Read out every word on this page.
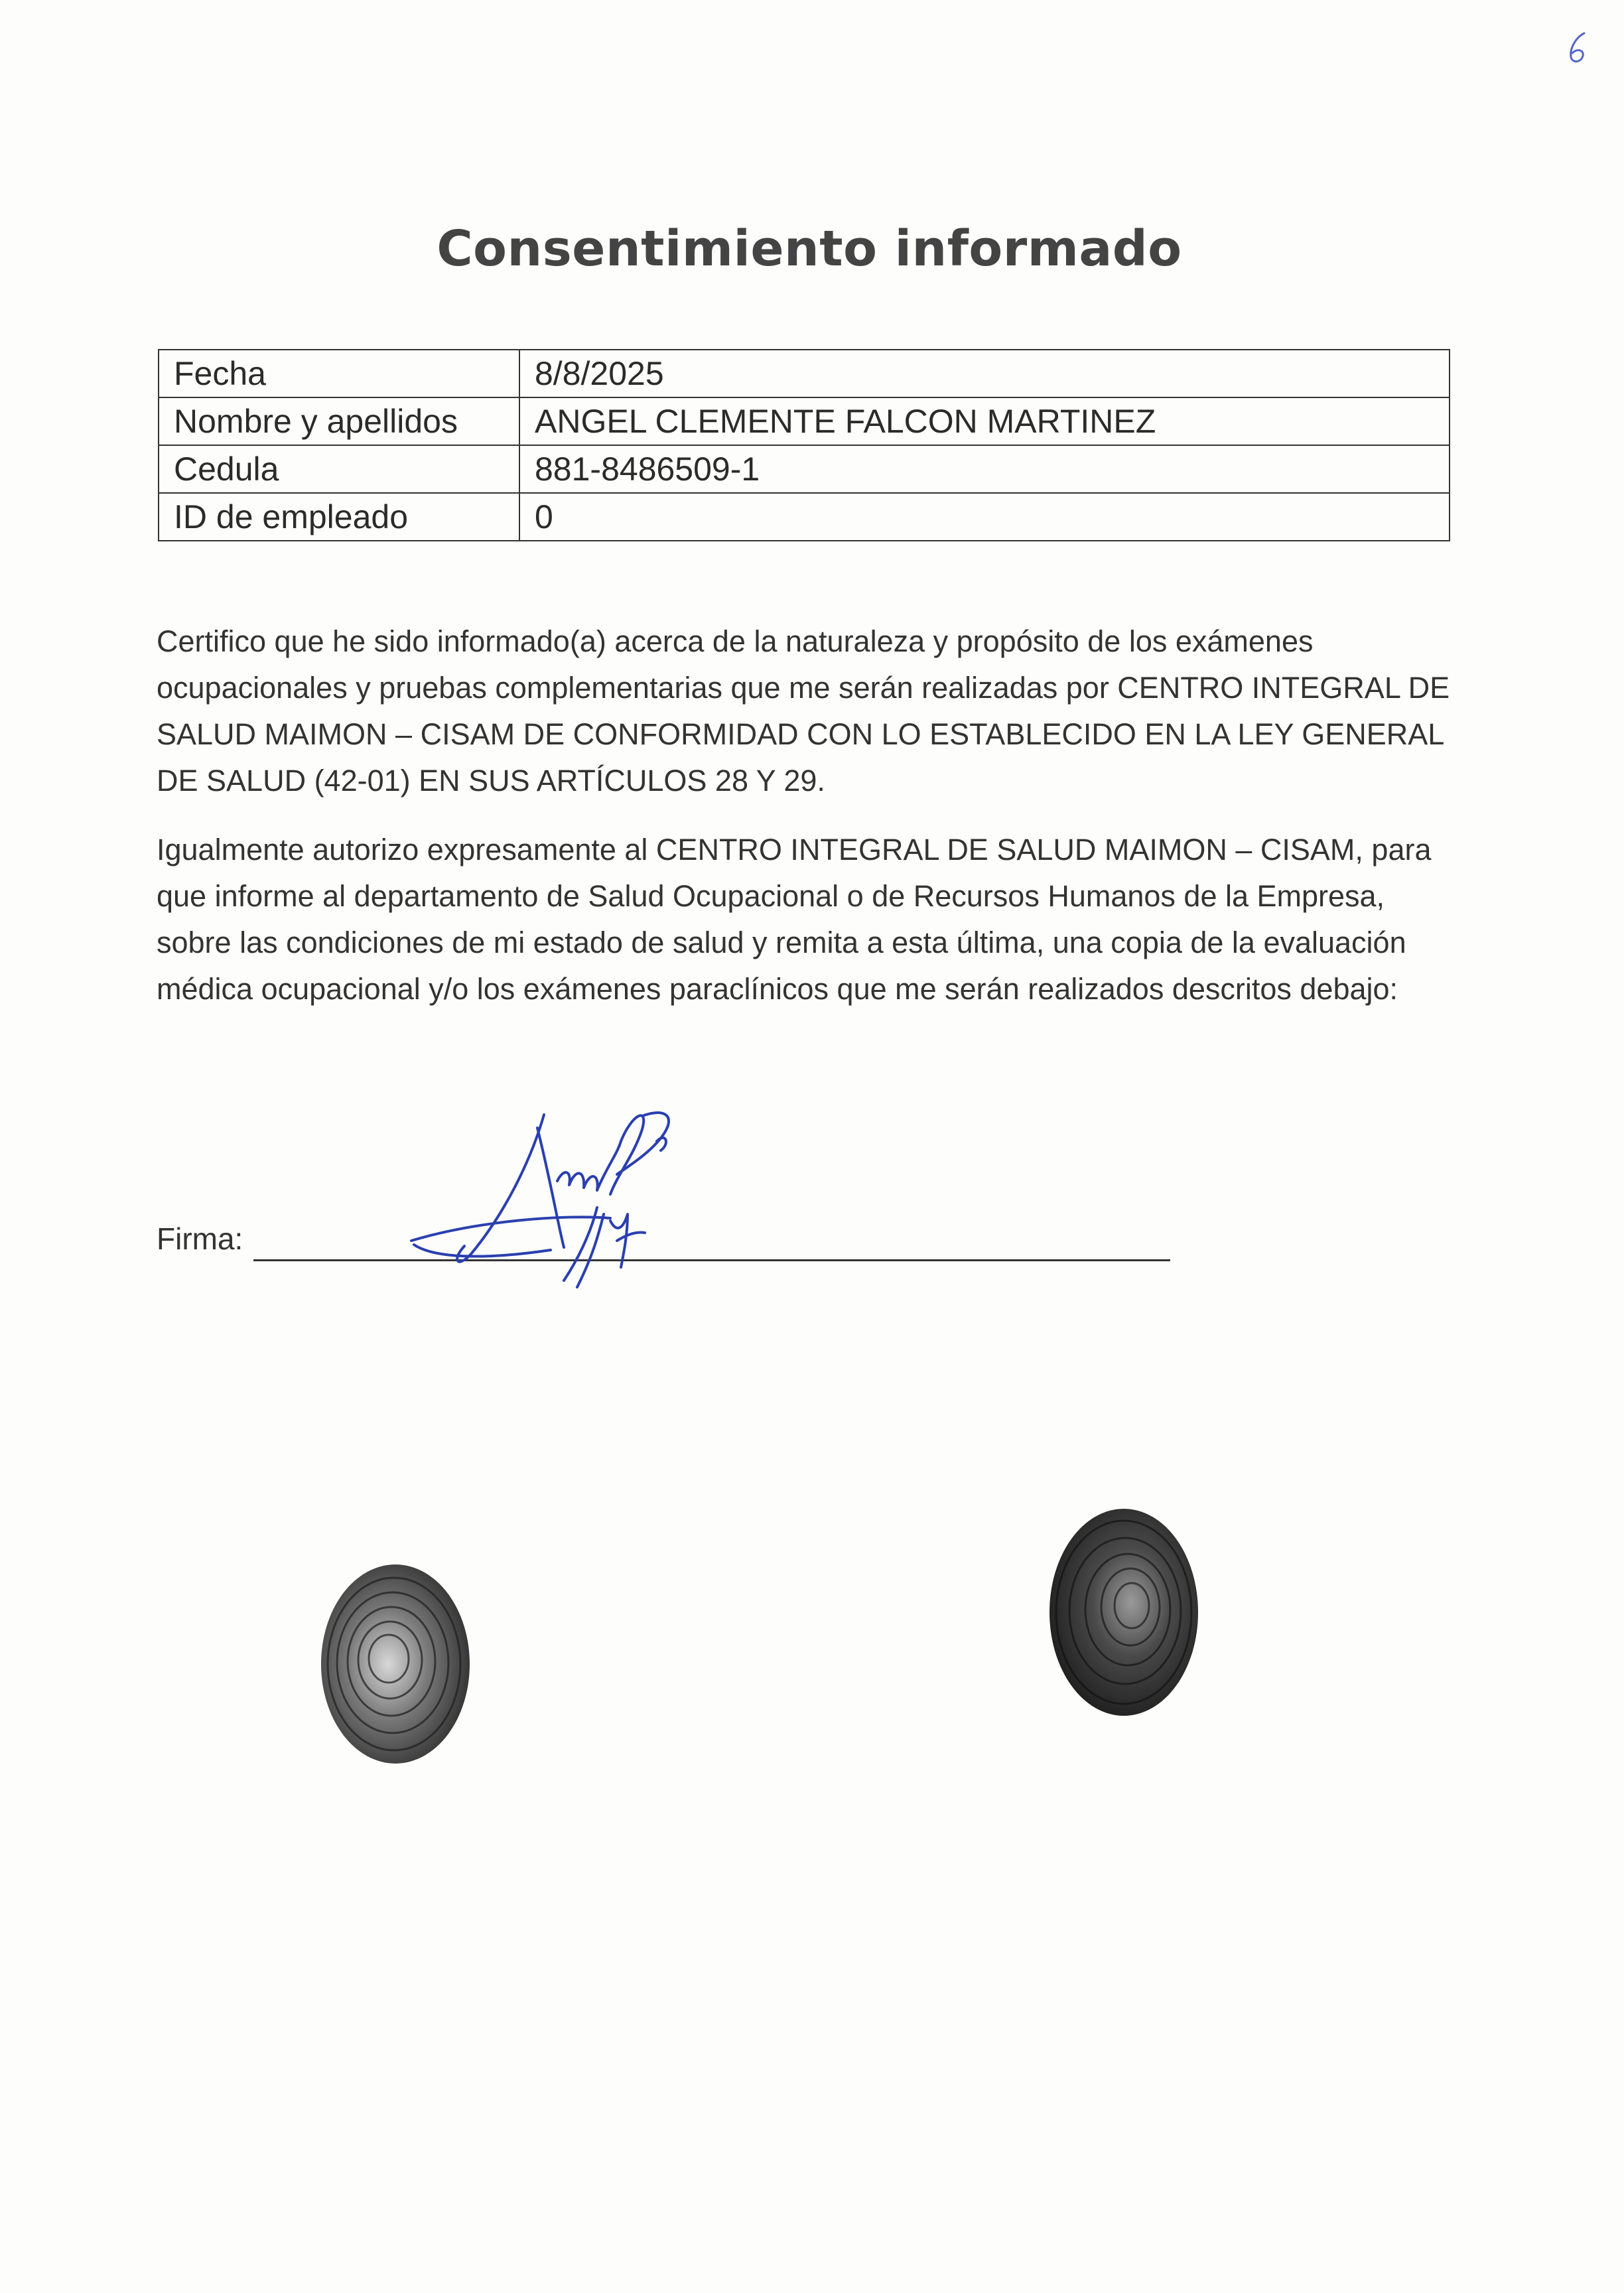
Consentimiento informado
Fecha	8/8/2025
Nombre y apellidos	ANGEL CLEMENTE FALCON MARTINEZ
Cedula	881-8486509-1
ID de empleado	0

Certifico que he sido informado(a) acerca de la naturaleza y propósito de los exámenes ocupacionales y pruebas complementarias que me serán realizadas por CENTRO INTEGRAL DE SALUD MAIMON – CISAM DE CONFORMIDAD CON LO ESTABLECIDO EN LA LEY GENERAL DE SALUD (42-01) EN SUS ARTÍCULOS 28 Y 29.

Igualmente autorizo expresamente al CENTRO INTEGRAL DE SALUD MAIMON – CISAM, para que informe al departamento de Salud Ocupacional o de Recursos Humanos de la Empresa, sobre las condiciones de mi estado de salud y remita a esta última, una copia de la evaluación médica ocupacional y/o los exámenes paraclínicos que me serán realizados descritos debajo:

Firma:
